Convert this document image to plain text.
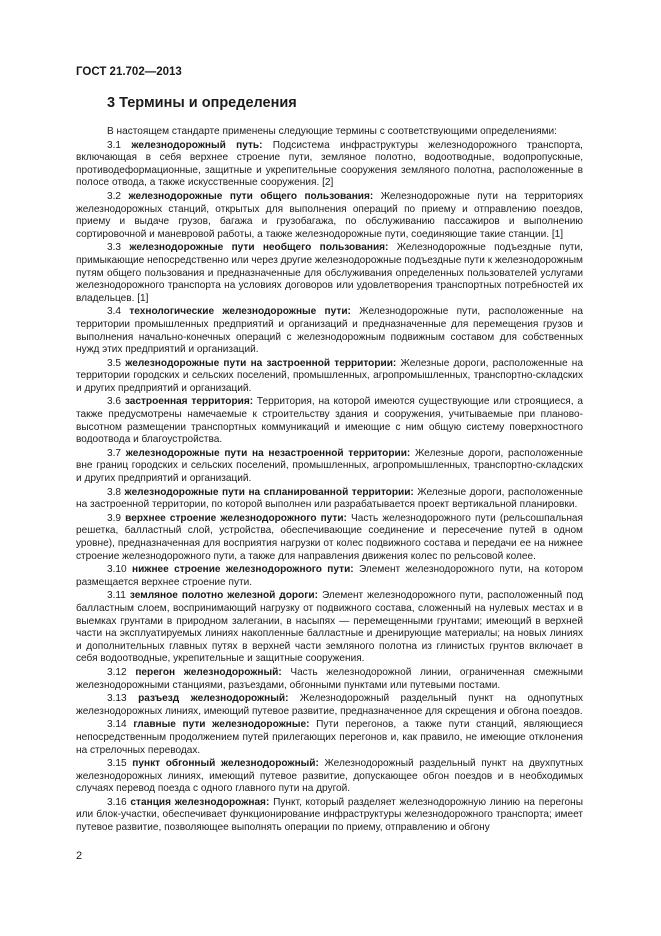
ГОСТ 21.702—2013
3 Термины и определения

В настоящем стандарте применены следующие термины с соответствующими определениями:

3.1 железнодорожный путь: Подсистема инфраструктуры железнодорожного транспорта, включающая в себя верхнее строение пути, земляное полотно, водоотводные, водопропускные, противодеформационные, защитные и укрепительные сооружения земляного полотна, расположенные в полосе отвода, а также искусственные сооружения. [2]

3.2 железнодорожные пути общего пользования: Железнодорожные пути на территориях железнодорожных станций, открытых для выполнения операций по приему и отправлению поездов, приему и выдаче грузов, багажа и грузобагажа, по обслуживанию пассажиров и выполнению сортировочной и маневровой работы, а также железнодорожные пути, соединяющие такие станции. [1]

3.3 железнодорожные пути необщего пользования: Железнодорожные подъездные пути, примыкающие непосредственно или через другие железнодорожные подъездные пути к железнодорожным путям общего пользования и предназначенные для обслуживания определенных пользователей услугами железнодорожного транспорта на условиях договоров или удовлетворения транспортных потребностей их владельцев. [1]

3.4 технологические железнодорожные пути: Железнодорожные пути, расположенные на территории промышленных предприятий и организаций и предназначенные для перемещения грузов и выполнения начально-конечных операций с железнодорожным подвижным составом для собственных нужд этих предприятий и организаций.

3.5 железнодорожные пути на застроенной территории: Железные дороги, расположенные на территории городских и сельских поселений, промышленных, агропромышленных, транспортно-складских и других предприятий и организаций.

3.6 застроенная территория: Территория, на которой имеются существующие или строящиеся, а также предусмотрены намечаемые к строительству здания и сооружения, учитываемые при планово-высотном размещении транспортных коммуникаций и имеющие с ним общую систему поверхностного водоотвода и благоустройства.

3.7 железнодорожные пути на незастроенной территории: Железные дороги, расположенные вне границ городских и сельских поселений, промышленных, агропромышленных, транспортно-складских и других предприятий и организаций.

3.8 железнодорожные пути на спланированной территории: Железные дороги, расположенные на застроенной территории, по которой выполнен или разрабатывается проект вертикальной планировки.

3.9 верхнее строение железнодорожного пути: Часть железнодорожного пути (рельсошпальная решетка, балластный слой, устройства, обеспечивающие соединение и пересечение путей в одном уровне), предназначенная для восприятия нагрузки от колес подвижного состава и передачи ее на нижнее строение железнодорожного пути, а также для направления движения колес по рельсовой колее.

3.10 нижнее строение железнодорожного пути: Элемент железнодорожного пути, на котором размещается верхнее строение пути.

3.11 земляное полотно железной дороги: Элемент железнодорожного пути, расположенный под балластным слоем, воспринимающий нагрузку от подвижного состава, сложенный на нулевых местах и в выемках грунтами в природном залегании, в насыпях — перемещенными грунтами; имеющий в верхней части на эксплуатируемых линиях накопленные балластные и дренирующие материалы; на новых линиях и дополнительных главных путях в верхней части земляного полотна из глинистых грунтов включает в себя водоотводные, укрепительные и защитные сооружения.

3.12 перегон железнодорожный: Часть железнодорожной линии, ограниченная смежными железнодорожными станциями, разъездами, обгонными пунктами или путевыми постами.

3.13 разъезд железнодорожный: Железнодорожный раздельный пункт на однопутных железнодорожных линиях, имеющий путевое развитие, предназначенное для скрещения и обгона поездов.

3.14 главные пути железнодорожные: Пути перегонов, а также пути станций, являющиеся непосредственным продолжением путей прилегающих перегонов и, как правило, не имеющие отклонения на стрелочных переводах.

3.15 пункт обгонный железнодорожный: Железнодорожный раздельный пункт на двухпутных железнодорожных линиях, имеющий путевое развитие, допускающее обгон поездов и в необходимых случаях перевод поезда с одного главного пути на другой.

3.16 станция железнодорожная: Пункт, который разделяет железнодорожную линию на перегоны или блок-участки, обеспечивает функционирование инфраструктуры железнодорожного транспорта; имеет путевое развитие, позволяющее выполнять операции по приему, отправлению и обгону

2
